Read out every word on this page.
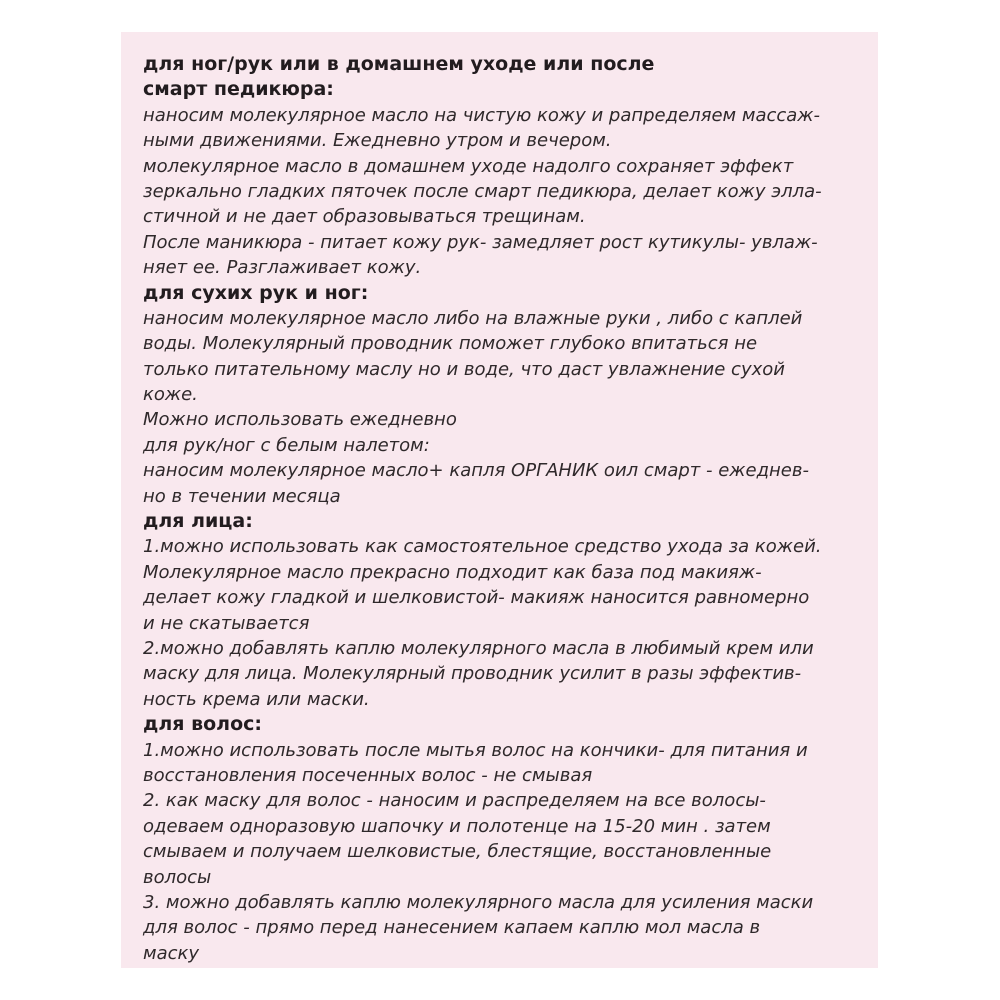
для ног/рук или в домашнем уходе или после
смарт педикюра:
наносим молекулярное масло на чистую кожу и рапределяем массаж-
ными движениями. Ежедневно утром и вечером.
молекулярное масло в домашнем уходе надолго сохраняет эффект
зеркально гладких пяточек после смарт педикюра, делает кожу элла-
стичной и не дает образовываться трещинам.
После маникюра - питает кожу рук- замедляет рост кутикулы- увлаж-
няет ее. Разглаживает кожу.
для сухих рук и ног:
наносим молекулярное масло либо на влажные руки , либо с каплей
воды. Молекулярный проводник поможет глубоко впитаться не
только питательному маслу но и воде, что даст увлажнение сухой
коже.
Можно использовать ежедневно
для рук/ног с белым налетом:
наносим молекулярное масло+ капля ОРГАНИК оил смарт - ежеднев-
но в течении месяца
для лица:
1.можно использовать как самостоятельное средство ухода за кожей.
Молекулярное масло прекрасно подходит как база под макияж-
делает кожу гладкой и шелковистой- макияж наносится равномерно
и не скатывается
2.можно добавлять каплю молекулярного масла в любимый крем или
маску для лица. Молекулярный проводник усилит в разы эффектив-
ность крема или маски.
для волос:
1.можно использовать после мытья волос на кончики- для питания и
восстановления посеченных волос - не смывая
2. как маску для волос - наносим и распределяем на все волосы-
одеваем одноразовую шапочку и полотенце на 15-20 мин . затем
смываем и получаем шелковистые, блестящие, восстановленные
волосы
3. можно добавлять каплю молекулярного масла для усиления маски
для волос - прямо перед нанесением капаем каплю мол масла в
маску
